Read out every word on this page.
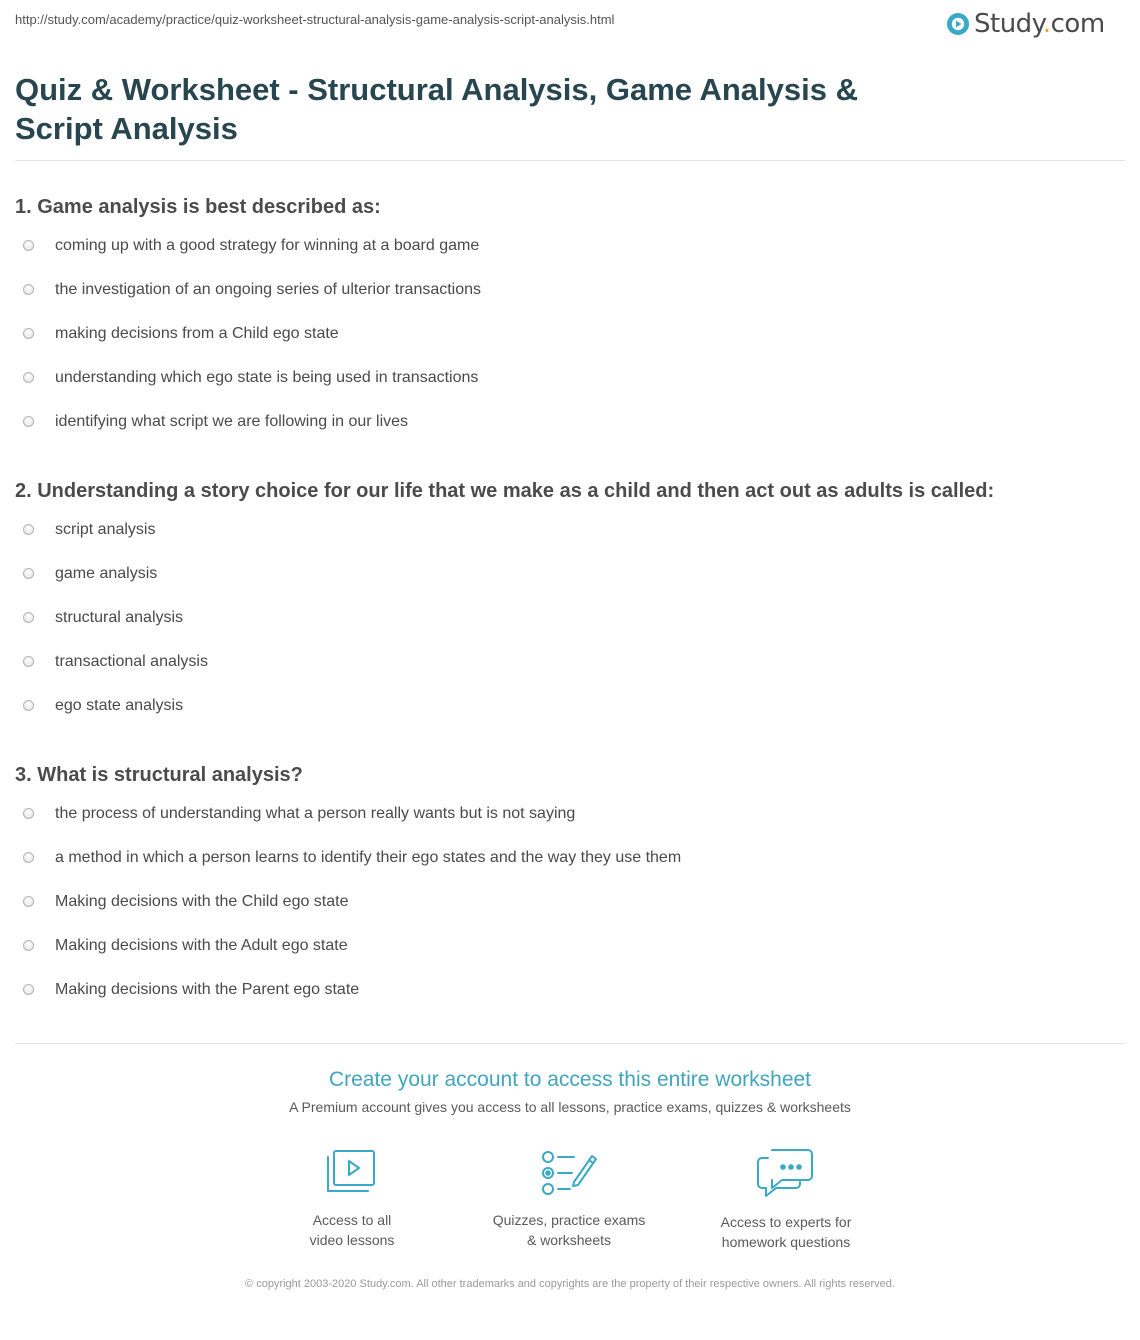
http://study.com/academy/practice/quiz-worksheet-structural-analysis-game-analysis-script-analysis.html	Study.com
Quiz & Worksheet - Structural Analysis, Game Analysis & Script Analysis
1. Game analysis is best described as:
coming up with a good strategy for winning at a board game
the investigation of an ongoing series of ulterior transactions
making decisions from a Child ego state
understanding which ego state is being used in transactions
identifying what script we are following in our lives
2. Understanding a story choice for our life that we make as a child and then act out as adults is called:
script analysis
game analysis
structural analysis
transactional analysis
ego state analysis
3. What is structural analysis?
the process of understanding what a person really wants but is not saying
a method in which a person learns to identify their ego states and the way they use them
Making decisions with the Child ego state
Making decisions with the Adult ego state
Making decisions with the Parent ego state
Create your account to access this entire worksheet
A Premium account gives you access to all lessons, practice exams, quizzes & worksheets
Access to all
video lessons
Quizzes, practice exams
& worksheets
Access to experts for
homework questions
© copyright 2003-2020 Study.com. All other trademarks and copyrights are the property of their respective owners. All rights reserved.
